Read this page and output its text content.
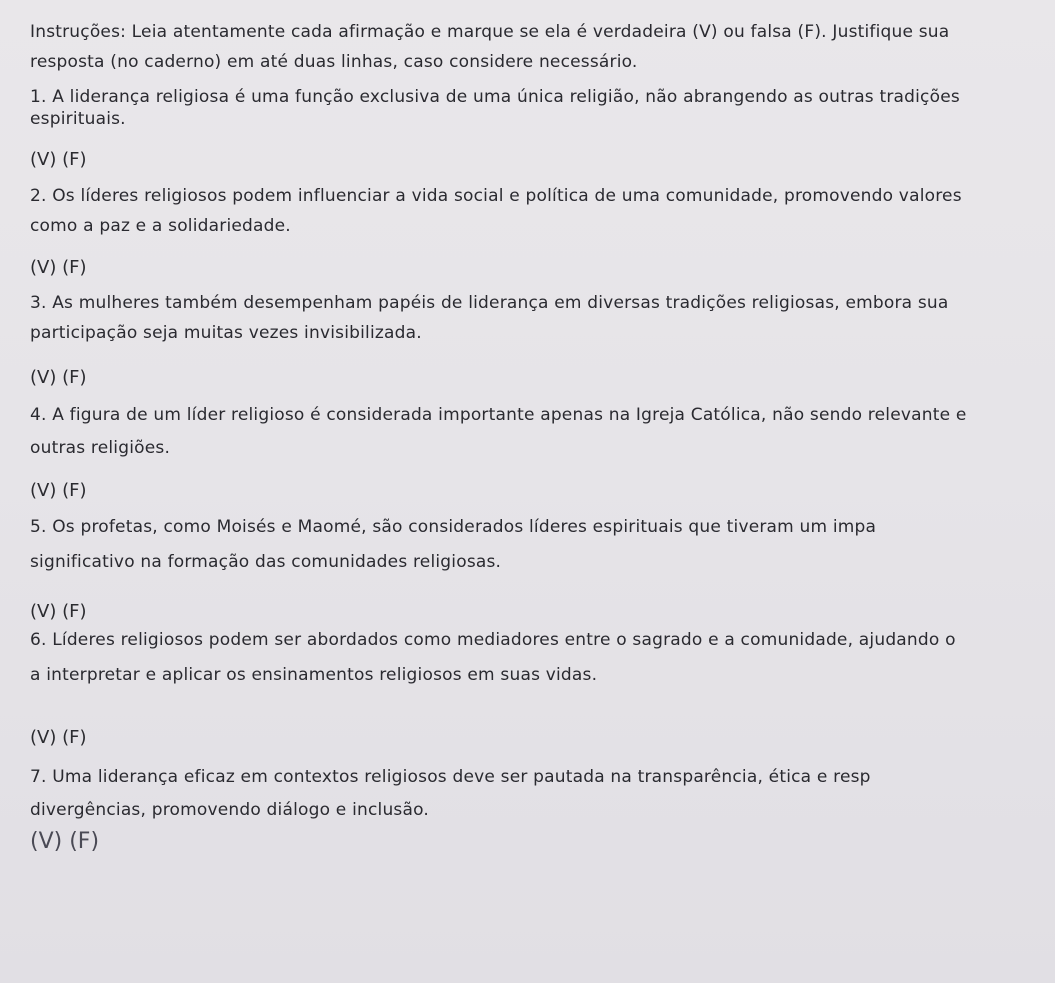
Instruções: Leia atentamente cada afirmação e marque se ela é verdadeira (V) ou falsa (F). Justifique sua
resposta (no caderno) em até duas linhas, caso considere necessário.
1. A liderança religiosa é uma função exclusiva de uma única religião, não abrangendo as outras tradições
espirituais.
(V) (F)
2. Os líderes religiosos podem influenciar a vida social e política de uma comunidade, promovendo valores
como a paz e a solidariedade.
(V) (F)
3. As mulheres também desempenham papéis de liderança em diversas tradições religiosas, embora sua
participação seja muitas vezes invisibilizada.
(V) (F)
4. A figura de um líder religioso é considerada importante apenas na Igreja Católica, não sendo relevante e
outras religiões.
(V) (F)
5. Os profetas, como Moisés e Maomé, são considerados líderes espirituais que tiveram um impa
significativo na formação das comunidades religiosas.
(V) (F)
6. Líderes religiosos podem ser abordados como mediadores entre o sagrado e a comunidade, ajudando o
a interpretar e aplicar os ensinamentos religiosos em suas vidas.
(V) (F)
7. Uma liderança eficaz em contextos religiosos deve ser pautada na transparência, ética e resp
divergências, promovendo diálogo e inclusão.
(V) (F)
